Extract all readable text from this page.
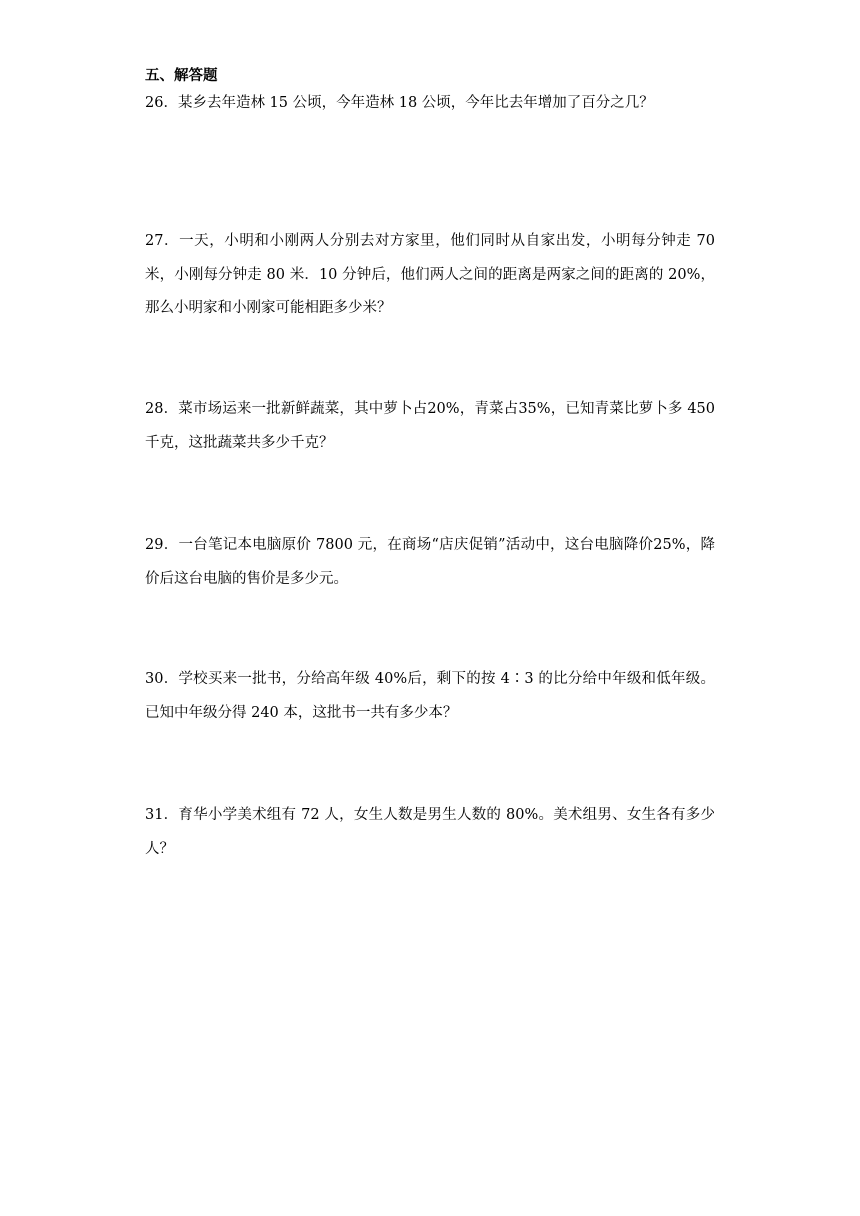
五、解答题
26．某乡去年造林 15 公顷，今年造林 18 公顷，今年比去年增加了百分之几？
27．一天，小明和小刚两人分别去对方家里，他们同时从自家出发，小明每分钟走 70
米，小刚每分钟走 80 米．10 分钟后，他们两人之间的距离是两家之间的距离的 20%，
那么小明家和小刚家可能相距多少米？
28．菜市场运来一批新鲜蔬菜，其中萝卜占20%，青菜占35%，已知青菜比萝卜多 450
千克，这批蔬菜共多少千克？
29．一台笔记本电脑原价 7800 元，在商场“店庆促销”活动中，这台电脑降价25%，降
价后这台电脑的售价是多少元。
30．学校买来一批书，分给高年级 40%后，剩下的按 4∶3 的比分给中年级和低年级。
已知中年级分得 240 本，这批书一共有多少本？
31．育华小学美术组有 72 人，女生人数是男生人数的 80%。美术组男、女生各有多少
人？
